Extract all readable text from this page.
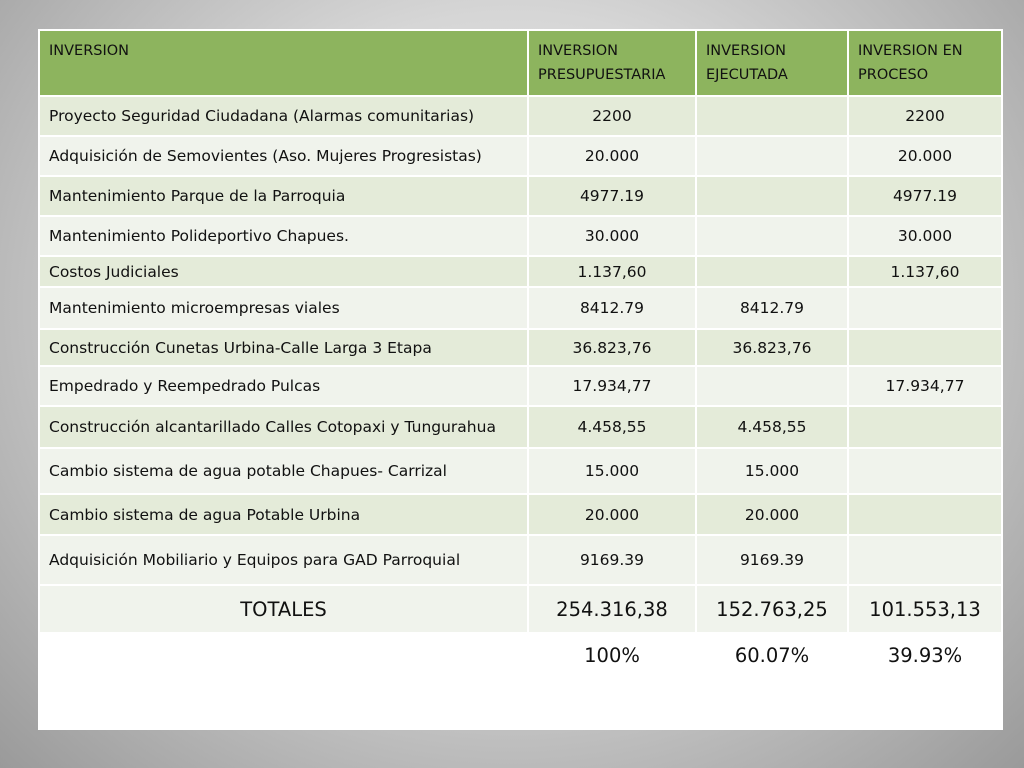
INVERSION	INVERSION PRESUPUESTARIA	INVERSION EJECUTADA	INVERSION EN PROCESO
Proyecto Seguridad Ciudadana (Alarmas comunitarias)	2200		2200
Adquisición de Semovientes (Aso. Mujeres Progresistas)	20.000		20.000
Mantenimiento Parque de la Parroquia	4977.19		4977.19
Mantenimiento Polideportivo Chapues.	30.000		30.000
Costos Judiciales	1.137,60		1.137,60
Mantenimiento microempresas viales	8412.79	8412.79	
Construcción Cunetas Urbina-Calle Larga 3 Etapa	36.823,76	36.823,76	
Empedrado y Reempedrado Pulcas	17.934,77		17.934,77
Construcción alcantarillado Calles Cotopaxi y Tungurahua	4.458,55	4.458,55	
Cambio sistema de agua potable Chapues- Carrizal	15.000	15.000	
Cambio sistema de agua Potable Urbina	20.000	20.000	
Adquisición Mobiliario y Equipos para GAD Parroquial	9169.39	9169.39	
TOTALES	254.316,38	152.763,25	101.553,13
	100%	60.07%	39.93%
